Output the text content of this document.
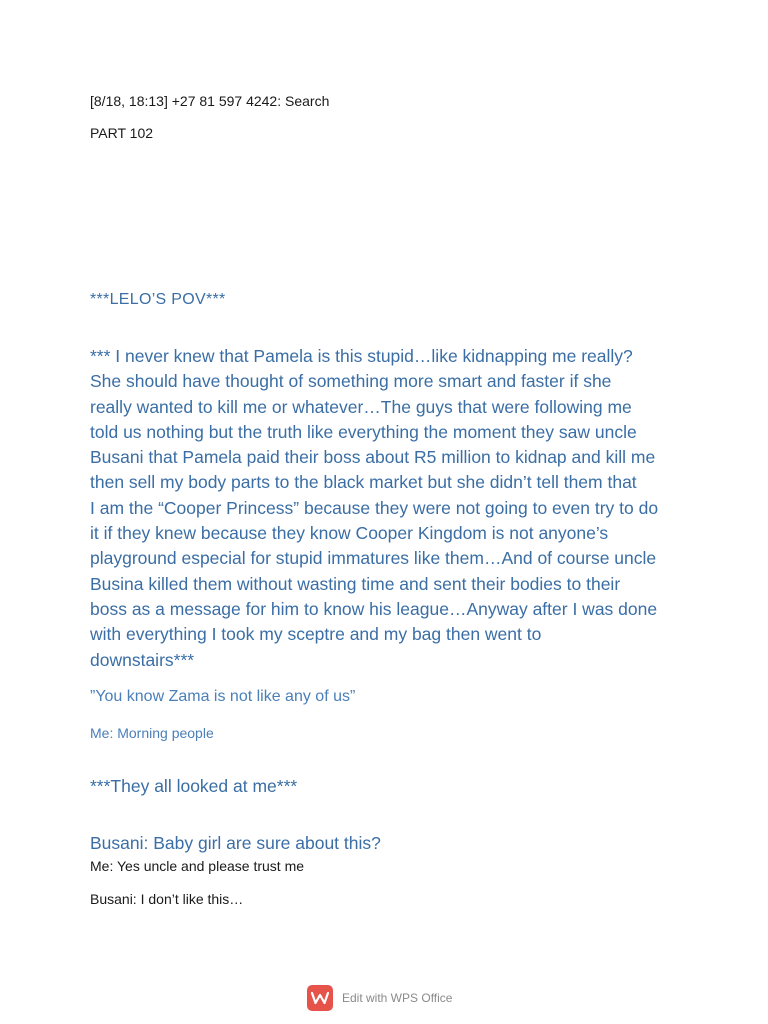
[8/18, 18:13] +27 81 597 4242: Search
PART 102
***LELO’S POV***
*** I never knew that Pamela is this stupid…like kidnapping me really?
She should have thought of something more smart and faster if she
really wanted to kill me or whatever…The guys that were following me
told us nothing but the truth like everything the moment they saw uncle
Busani that Pamela paid their boss about R5 million to kidnap and kill me
then sell my body parts to the black market but she didn’t tell them that
I am the “Cooper Princess” because they were not going to even try to do
it if they knew because they know Cooper Kingdom is not anyone’s
playground especial for stupid immatures like them…And of course uncle
Busina killed them without wasting time and sent their bodies to their
boss as a message for him to know his league…Anyway after I was done
with everything I took my sceptre and my bag then went to
downstairs***
”You know Zama is not like any of us”
Me: Morning people
***They all looked at me***
Busani: Baby girl are sure about this?
Me: Yes uncle and please trust me
Busani: I don’t like this…
Edit with WPS Office
